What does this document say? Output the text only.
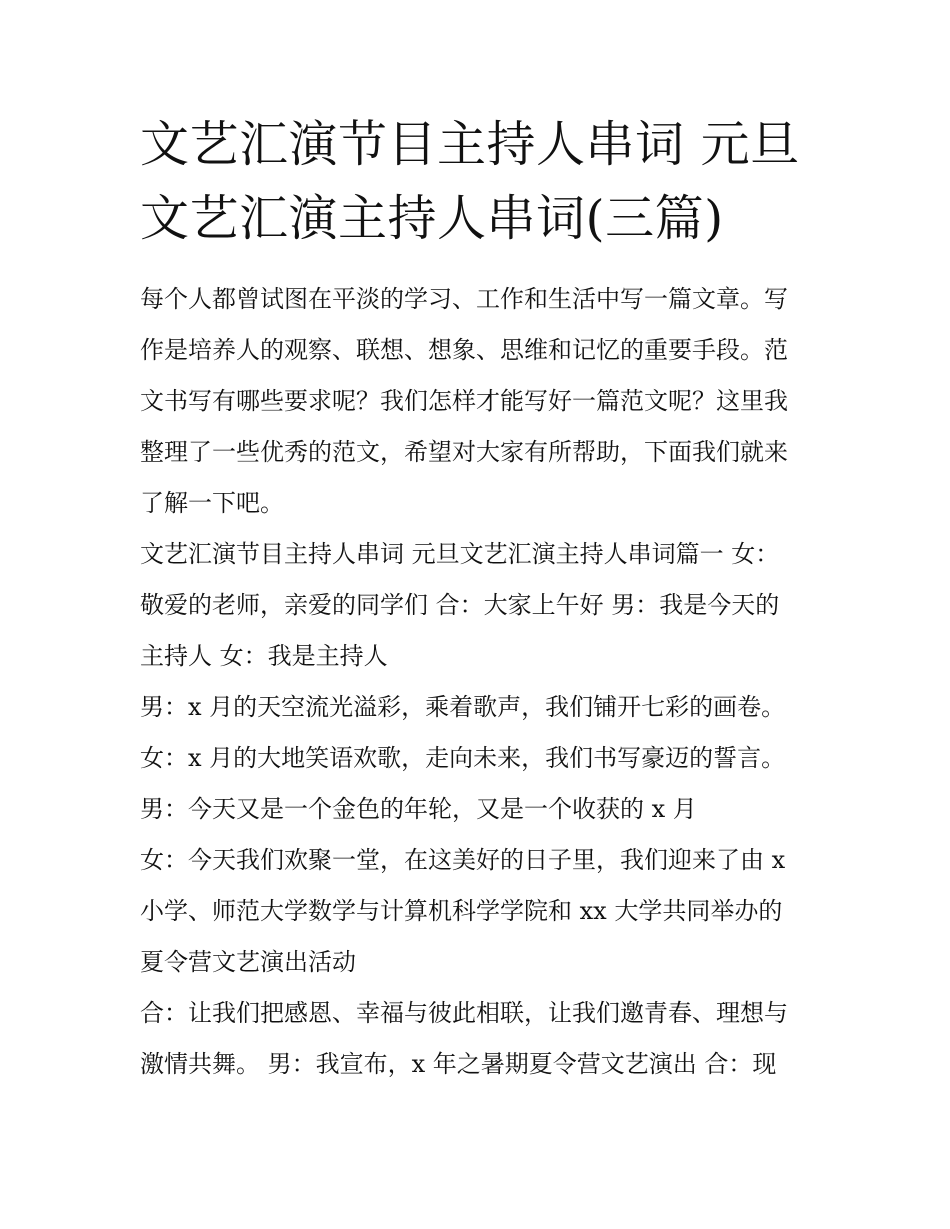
文艺汇演节目主持人串词 元旦
文艺汇演主持人串词(三篇)
每个人都曾试图在平淡的学习、工作和生活中写一篇文章。写
作是培养人的观察、联想、想象、思维和记忆的重要手段。范
文书写有哪些要求呢？我们怎样才能写好一篇范文呢？这里我
整理了一些优秀的范文，希望对大家有所帮助，下面我们就来
了解一下吧。
文艺汇演节目主持人串词 元旦文艺汇演主持人串词篇一 女：
敬爱的老师，亲爱的同学们 合：大家上午好 男：我是今天的
主持人 女：我是主持人
男：x 月的天空流光溢彩，乘着歌声，我们铺开七彩的画卷。
女：x 月的大地笑语欢歌，走向未来，我们书写豪迈的誓言。
男：今天又是一个金色的年轮，又是一个收获的 x 月
女：今天我们欢聚一堂，在这美好的日子里，我们迎来了由 x
小学、师范大学数学与计算机科学学院和 xx 大学共同举办的
夏令营文艺演出活动
合：让我们把感恩、幸福与彼此相联，让我们邀青春、理想与
激情共舞。 男：我宣布，x 年之暑期夏令营文艺演出 合：现
